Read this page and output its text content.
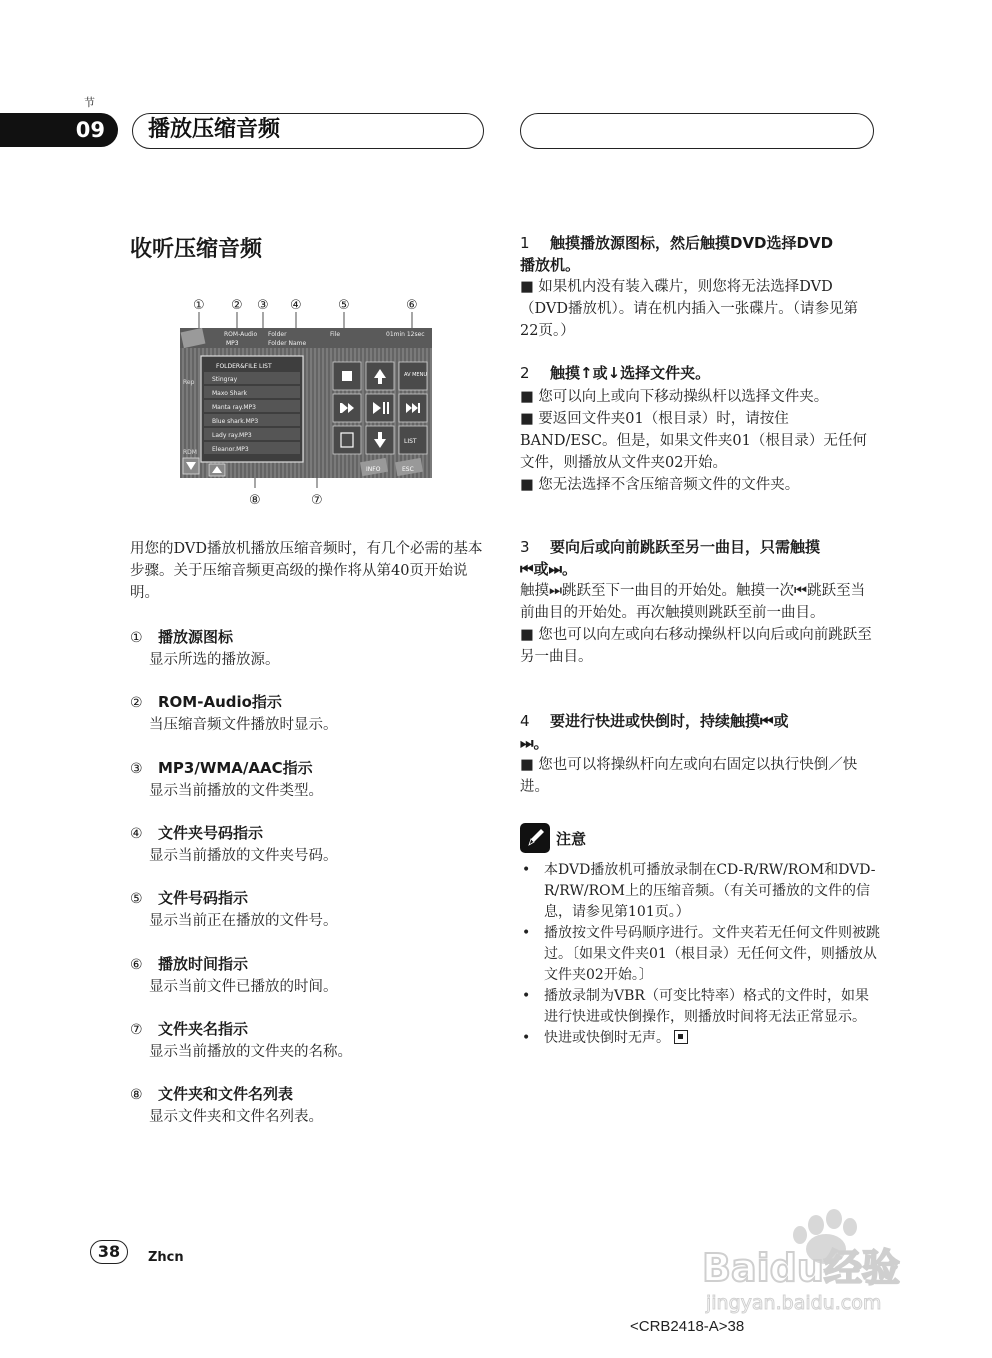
节
09	播放压缩音频
收听压缩音频
① ② ③ ④	⑤	⑥
ROM-Audio
MP3
Folder
Folder Name
File	01min 12sec
Rep
RDM
FOLDER&FILE LIST
Stingray
Maxo Shark
Manta ray.MP3
Blue shark.MP3
Lady ray.MP3
Eleanor.MP3
AV MENU
LIST
INFO	ESC
⑧	⑦
用您的DVD播放机播放压缩音频时，有几个必需的基本步骤。关于压缩音频更高级的操作将从第40页开始说明。
① 播放源图标
显示所选的播放源。
② ROM-Audio指示
当压缩音频文件播放时显示。
③ MP3/WMA/AAC指示
显示当前播放的文件类型。
④ 文件夹号码指示
显示当前播放的文件夹号码。
⑤ 文件号码指示
显示当前正在播放的文件号。
⑥ 播放时间指示
显示当前文件已播放的时间。
⑦ 文件夹名指示
显示当前播放的文件夹的名称。
⑧ 文件夹和文件名列表
显示文件夹和文件名列表。
1 触摸播放源图标，然后触摸DVD选择DVD
播放机。
■ 如果机内没有装入碟片，则您将无法选择DVD（DVD播放机）。请在机内插入一张碟片。（请参见第22页。）
2 触摸↑或↓选择文件夹。
■ 您可以向上或向下移动操纵杆以选择文件夹。
■ 要返回文件夹01（根目录）时，请按住BAND/ESC。但是，如果文件夹01（根目录）无任何文件，则播放从文件夹02开始。
■ 您无法选择不含压缩音频文件的文件夹。
3 要向后或向前跳跃至另一曲目，只需触摸
⏮或⏭。
触摸⏭跳跃至下一曲目的开始处。触摸一次⏮跳跃至当前曲目的开始处。再次触摸则跳跃至前一曲目。
■ 您也可以向左或向右移动操纵杆以向后或向前跳跃至另一曲目。
4 要进行快进或快倒时，持续触摸⏮或
⏭。
■ 您也可以将操纵杆向左或向右固定以执行快倒／快进。
注意
• 本DVD播放机可播放录制在CD-R/RW/ROM和DVD-R/RW/ROM上的压缩音频。（有关可播放的文件的信息，请参见第101页。）
• 播放按文件号码顺序进行。文件夹若无任何文件则被跳过。〔如果文件夹01（根目录）无任何文件，则播放从文件夹02开始。〕
• 播放录制为VBR（可变比特率）格式的文件时，如果进行快进或快倒操作，则播放时间将无法正常显示。
• 快进或快倒时无声。
38	Zhcn
<CRB2418-A>38
Baidu经验
jingyan.baidu.com
